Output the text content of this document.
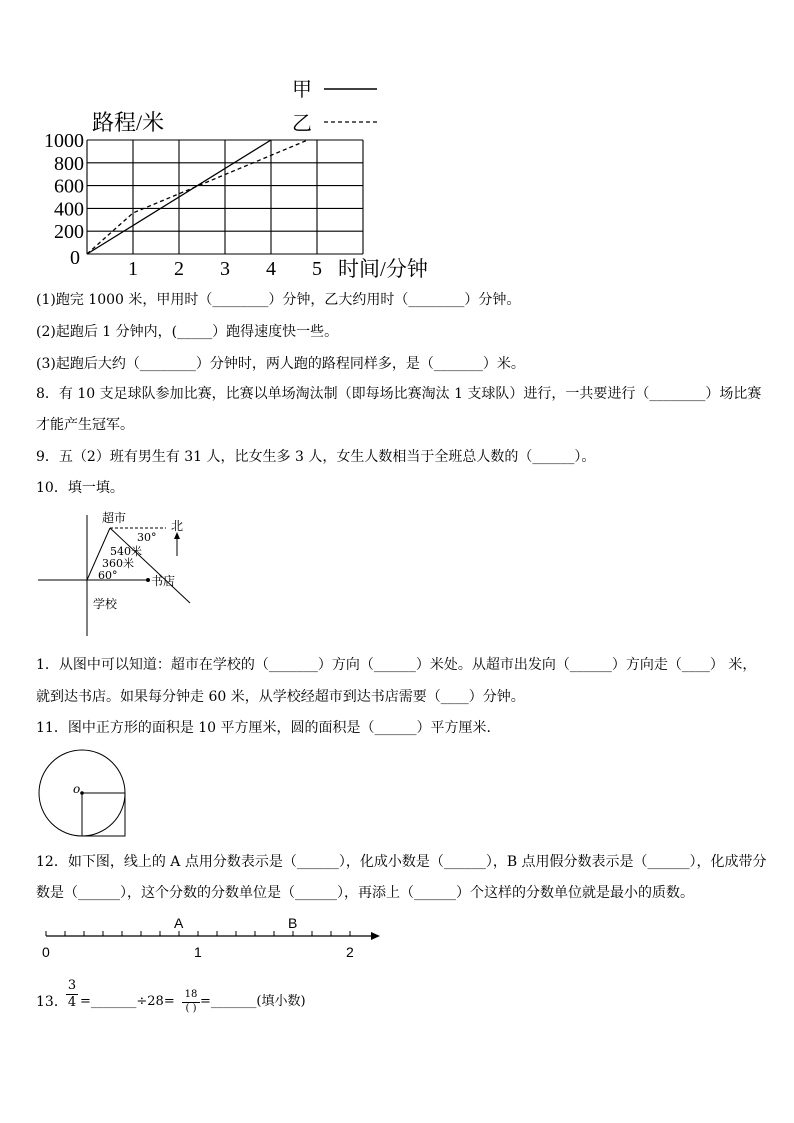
1 2 3 4 5
0
200
400
600
800
1000
路程/米
时间/分钟
甲
乙
(1)跑完 1000 米，甲用时（________）分钟，乙大约用时（________）分钟。
(2)起跑后 1 分钟内，(_____）跑得速度快一些。
(3)起跑后大约（________）分钟时，两人跑的路程同样多，是（_______）米。
8．有 10 支足球队参加比赛，比赛以单场淘汰制（即每场比赛淘汰 1 支球队）进行，一共要进行（________）场比赛
才能产生冠军。
9．五（2）班有男生有 31 人，比女生多 3 人，女生人数相当于全班总人数的（______）。
10．填一填。
超市
北
30°
540米
360米
60°	书店
学校
1．从图中可以知道：超市在学校的（_______）方向（______）米处。从超市出发向（______）方向走（____） 米，
就到达书店。如果每分钟走 60 米，从学校经超市到达书店需要（____）分钟。
11．图中正方形的面积是 10 平方厘米，圆的面积是（______）平方厘米.
o
12．如下图，线上的 A 点用分数表示是（______），化成小数是（______），B 点用假分数表示是（______），化成带分
数是（______），这个分数的分数单位是（______），再添上（______）个这样的分数单位就是最小的质数。
0	1	2
A	B
13．
3
4 =_______÷28= 18
( ) =_______(填小数)
